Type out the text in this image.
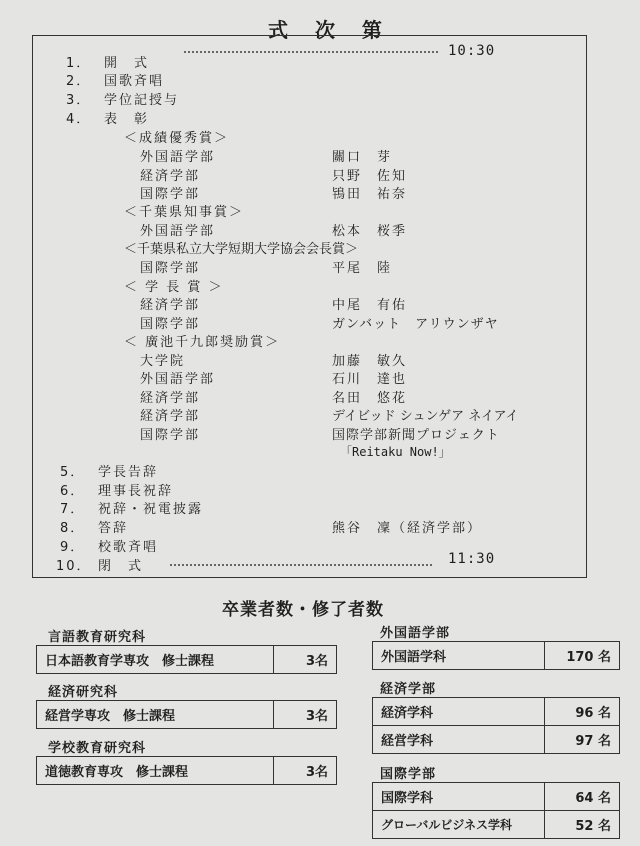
式 次 第
1． 開　式
10:30
2． 国歌斉唱
3． 学位記授与
4． 表　彰
＜成績優秀賞＞
外国語学部	關口　芽
経済学部	只野　佐知
国際学部	鴇田　祐奈
＜千葉県知事賞＞
外国語学部	松本　桜季
＜千葉県私立大学短期大学協会会長賞＞
国際学部	平尾　陸
＜ 学 長 賞 ＞
経済学部	中尾　有佑
国際学部	ガンバット　アリウンザヤ
＜ 廣池千九郎奨励賞＞
大学院	加藤　敏久
外国語学部	石川　達也
経済学部	名田　悠花
経済学部	デイビッド シュンゲア ネイアイ
国際学部	国際学部新聞プロジェクト
「Reitaku Now!」
5． 学長告辞
6． 理事長祝辞
7． 祝辞・祝電披露
8． 答辞	熊谷　凜（経済学部）
9． 校歌斉唱
10． 閉　式	11:30
卒業者数・修了者数
言語教育研究科
日本語教育学専攻　修士課程	3名
経済研究科
経営学専攻　修士課程	3名
学校教育研究科
道徳教育専攻　修士課程	3名
外国語学部
外国語学科	170 名
経済学部
経済学科	96 名
経営学科	97 名
国際学部
国際学科	64 名
グローバルビジネス学科	52 名
